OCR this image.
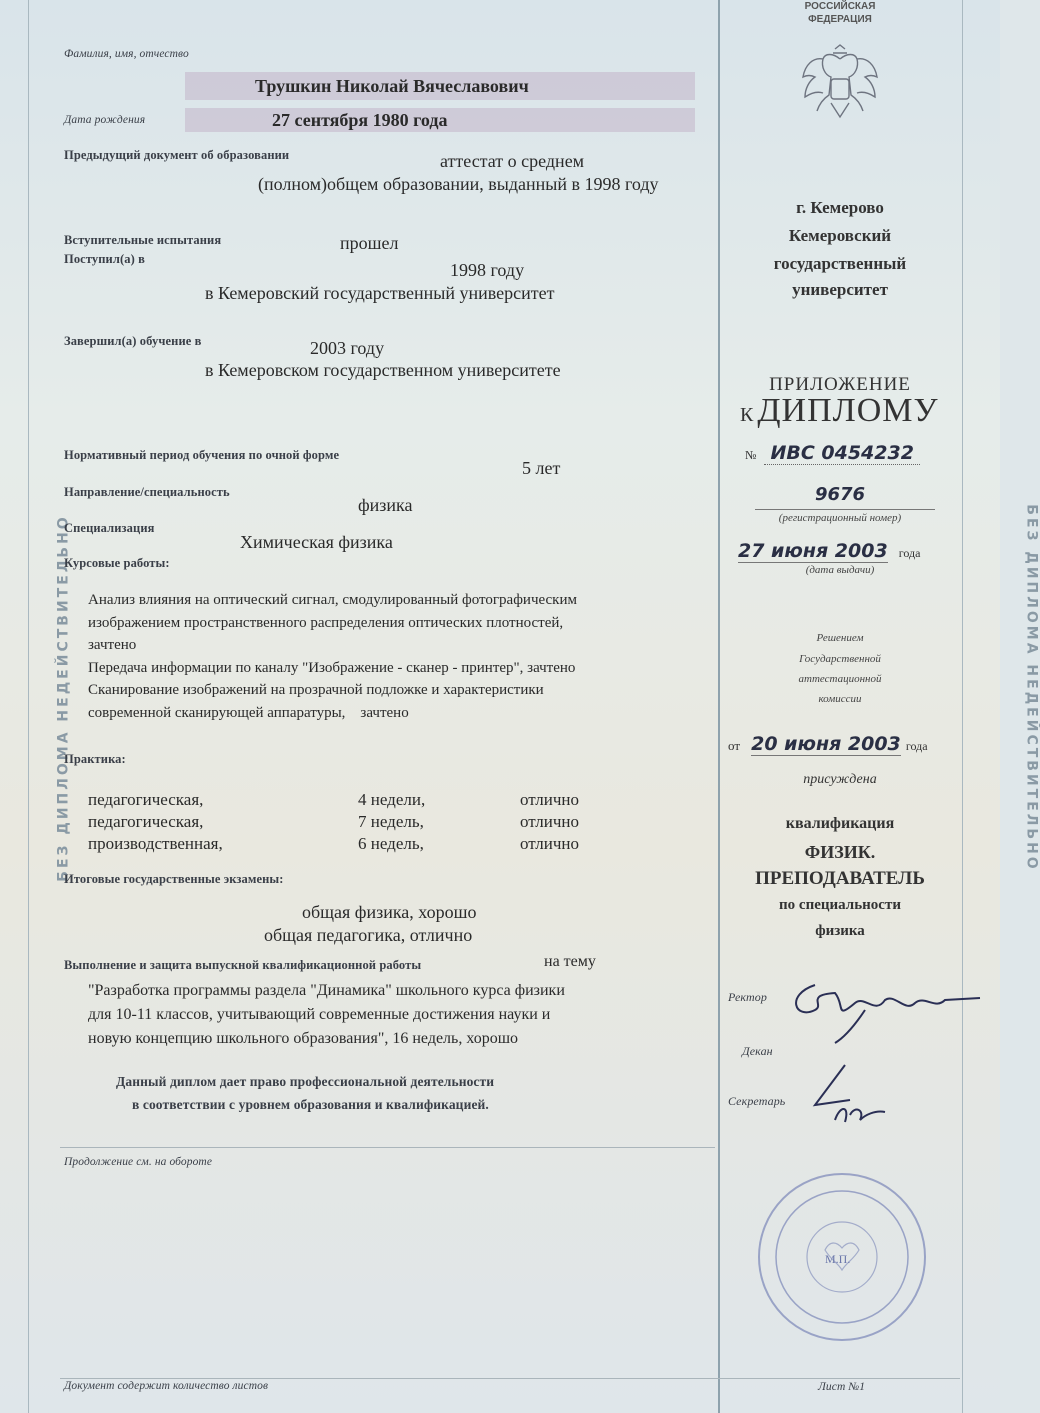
БЕЗ ДИПЛОМА НЕДЕЙСТВИТЕЛЬНО	БЕЗ ДИПЛОМА НЕДЕЙСТВИТЕЛЬНО
Фамилия, имя, отчество
Трушкин Николай Вячеславович
Дата рождения	27 сентября 1980 года
Предыдущий документ об образовании	аттестат о среднем
(полном)общем образовании, выданный в 1998 году
Вступительные испытания	прошел
Поступил(а) в
1998 году
в Кемеровский государственный университет
Завершил(а) обучение в	2003 году
в Кемеровском государственном университете
Нормативный период обучения по очной форме
5 лет
Направление/специальность
физика
Специализация
Химическая физика
Курсовые работы:
Анализ влияния на оптический сигнал, смодулированный фотографическим
изображением пространственного распределения оптических плотностей,
зачтено
Передача информации по каналу "Изображение - сканер - принтер", зачтено
Сканирование изображений на прозрачной подложке и характеристики
современной сканирующей аппаратуры,    зачтено
Практика:
педагогическая,	4 недели,	отлично
педагогическая,	7 недель,	отлично
производственная,	6 недель,	отлично
Итоговые государственные экзамены:
общая физика, хорошо
общая педагогика, отлично
Выполнение и защита выпускной квалификационной работы	на тему
"Разработка программы раздела "Динамика" школьного курса физики
для 10-11 классов, учитывающий современные достижения науки и
новую концепцию школьного образования", 16 недель, хорошо
Данный диплом дает право профессиональной деятельности
в соответствии с уровнем образования и квалификацией.
Продолжение см. на обороте
Документ содержит количество листов
РОССИЙСКАЯ ФЕДЕРАЦИЯ
г. Кемерово
Кемеровский
государственный
университет
ПРИЛОЖЕНИЕ
К ДИПЛОМУ
№ ИВС 0454232
9676
(регистрационный номер)
27 июня 2003 года
(дата выдачи)
Решением
Государственной
аттестационной
комиссии
от 20 июня 2003 года
присуждена
квалификация
ФИЗИК.
ПРЕПОДАВАТЕЛЬ
по специальности
физика
Ректор
Декан
Секретарь
М.П.
Лист №1
